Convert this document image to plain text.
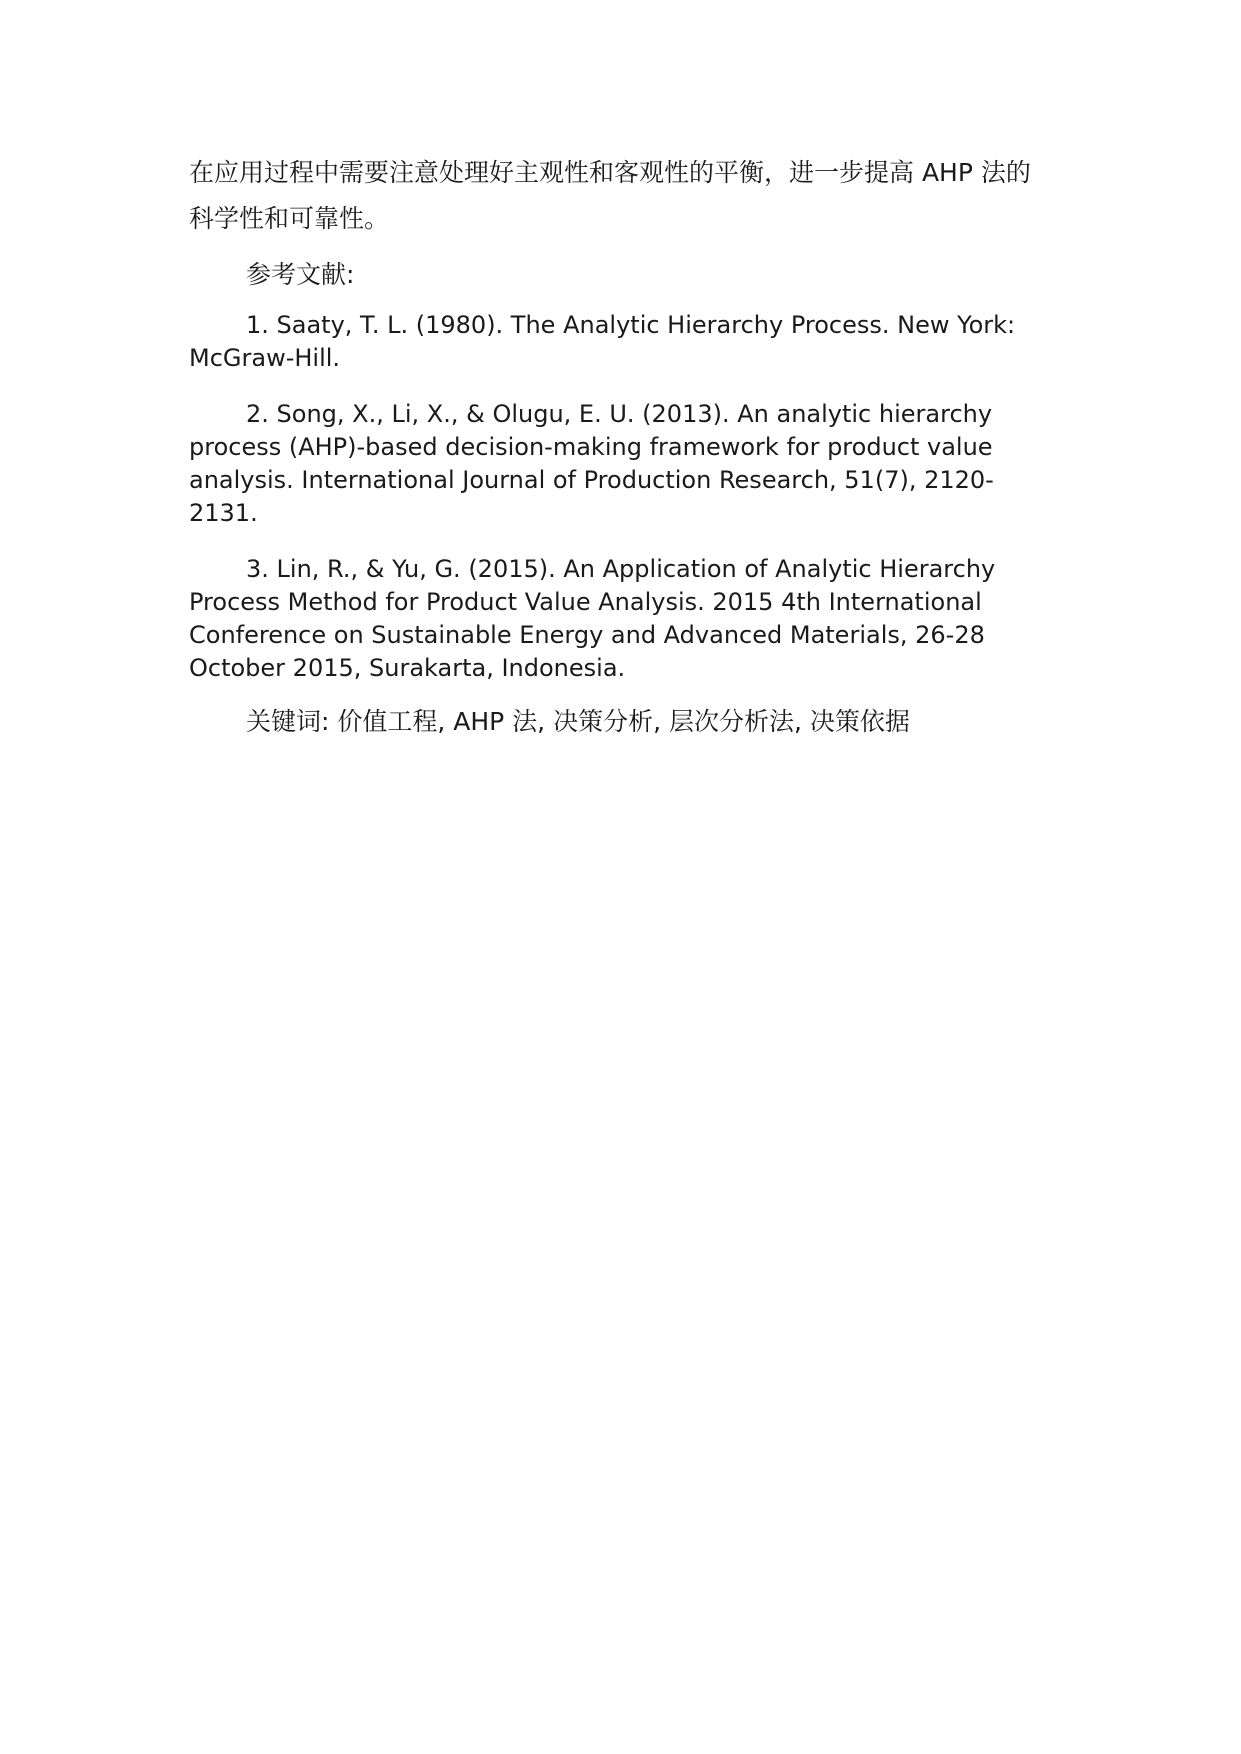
在应用过程中需要注意处理好主观性和客观性的平衡，进一步提高 AHP 法的科学性和可靠性。

参考文献:

1. Saaty, T. L. (1980). The Analytic Hierarchy Process. New York: McGraw-Hill.

2. Song, X., Li, X., & Olugu, E. U. (2013). An analytic hierarchy process (AHP)-based decision-making framework for product value analysis. International Journal of Production Research, 51(7), 2120-2131.

3. Lin, R., & Yu, G. (2015). An Application of Analytic Hierarchy Process Method for Product Value Analysis. 2015 4th International Conference on Sustainable Energy and Advanced Materials, 26-28 October 2015, Surakarta, Indonesia.

关键词: 价值工程, AHP 法, 决策分析, 层次分析法, 决策依据
